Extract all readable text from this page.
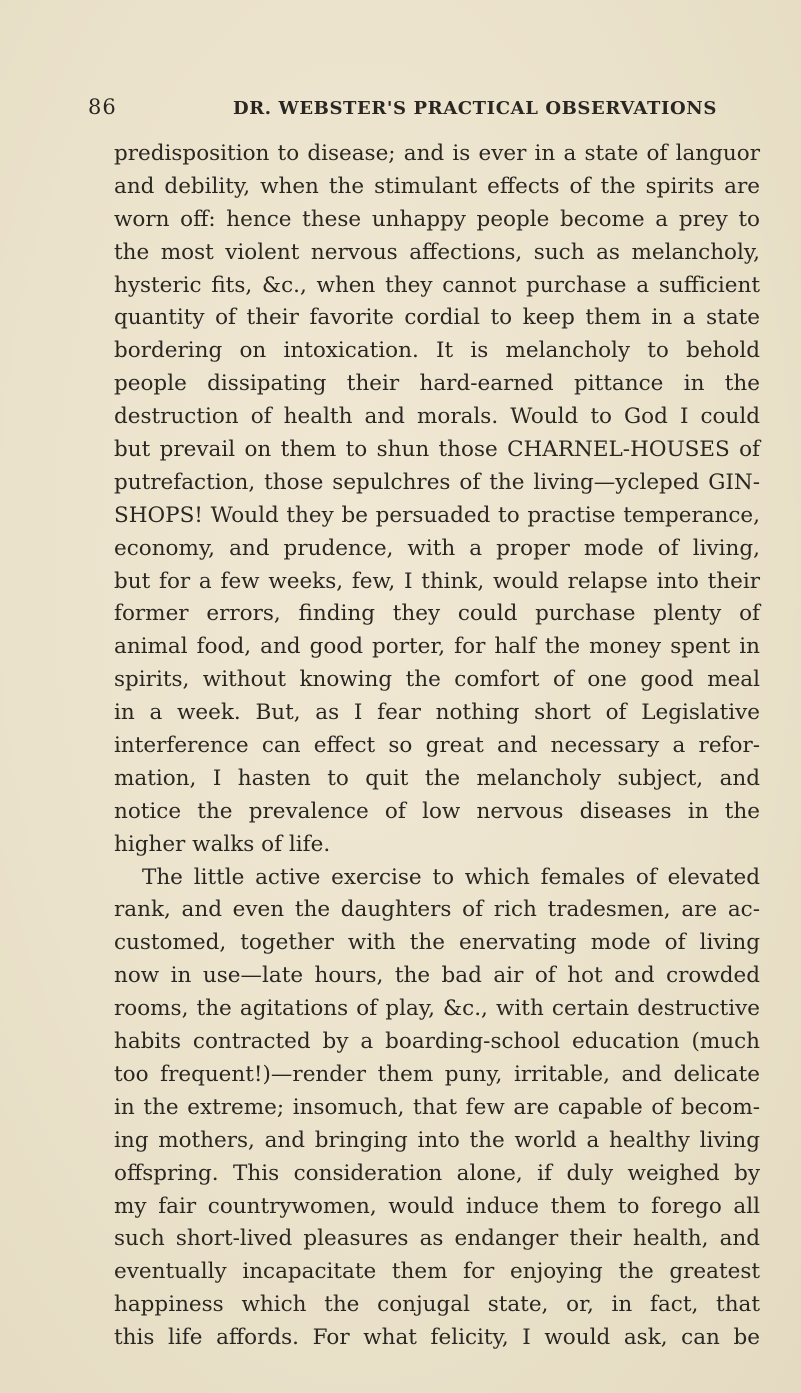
86	DR. WEBSTER'S PRACTICAL OBSERVATIONS
predisposition to disease; and is ever in a state of languor
and debility, when the stimulant effects of the spirits are
worn off: hence these unhappy people become a prey to
the most violent nervous affections, such as melancholy,
hysteric fits, &c., when they cannot purchase a sufficient
quantity of their favorite cordial to keep them in a state
bordering on intoxication. It is melancholy to behold
people dissipating their hard-earned pittance in the
destruction of health and morals. Would to God I could
but prevail on them to shun those CHARNEL-HOUSES of
putrefaction, those sepulchres of the living—ycleped GIN-
SHOPS! Would they be persuaded to practise temperance,
economy, and prudence, with a proper mode of living,
but for a few weeks, few, I think, would relapse into their
former errors, finding they could purchase plenty of
animal food, and good porter, for half the money spent in
spirits, without knowing the comfort of one good meal
in a week. But, as I fear nothing short of Legislative
interference can effect so great and necessary a refor-
mation, I hasten to quit the melancholy subject, and
notice the prevalence of low nervous diseases in the
higher walks of life.
The little active exercise to which females of elevated
rank, and even the daughters of rich tradesmen, are ac-
customed, together with the enervating mode of living
now in use—late hours, the bad air of hot and crowded
rooms, the agitations of play, &c., with certain destructive
habits contracted by a boarding-school education (much
too frequent!)—render them puny, irritable, and delicate
in the extreme; insomuch, that few are capable of becom-
ing mothers, and bringing into the world a healthy living
offspring. This consideration alone, if duly weighed by
my fair countrywomen, would induce them to forego all
such short-lived pleasures as endanger their health, and
eventually incapacitate them for enjoying the greatest
happiness which the conjugal state, or, in fact, that
this life affords. For what felicity, I would ask, can be
